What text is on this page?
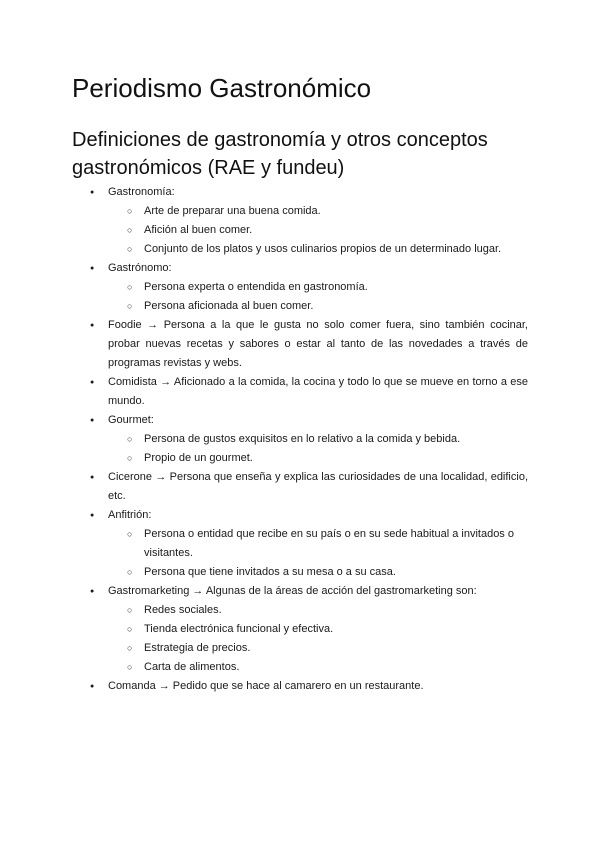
Periodismo Gastronómico
Definiciones de gastronomía y otros conceptos gastronómicos (RAE y fundeu)
● Gastronomía:
○ Arte de preparar una buena comida.
○ Afición al buen comer.
○ Conjunto de los platos y usos culinarios propios de un determinado lugar.
● Gastrónomo:
○ Persona experta o entendida en gastronomía.
○ Persona aficionada al buen comer.
● Foodie → Persona a la que le gusta no solo comer fuera, sino también cocinar, probar nuevas recetas y sabores o estar al tanto de las novedades a través de programas revistas y webs.
● Comidista → Aficionado a la comida, la cocina y todo lo que se mueve en torno a ese mundo.
● Gourmet:
○ Persona de gustos exquisitos en lo relativo a la comida y bebida.
○ Propio de un gourmet.
● Cicerone → Persona que enseña y explica las curiosidades de una localidad, edificio, etc.
● Anfitrión:
○ Persona o entidad que recibe en su país o en su sede habitual a invitados o visitantes.
○ Persona que tiene invitados a su mesa o a su casa.
● Gastromarketing → Algunas de la áreas de acción del gastromarketing son:
○ Redes sociales.
○ Tienda electrónica funcional y efectiva.
○ Estrategia de precios.
○ Carta de alimentos.
● Comanda → Pedido que se hace al camarero en un restaurante.
